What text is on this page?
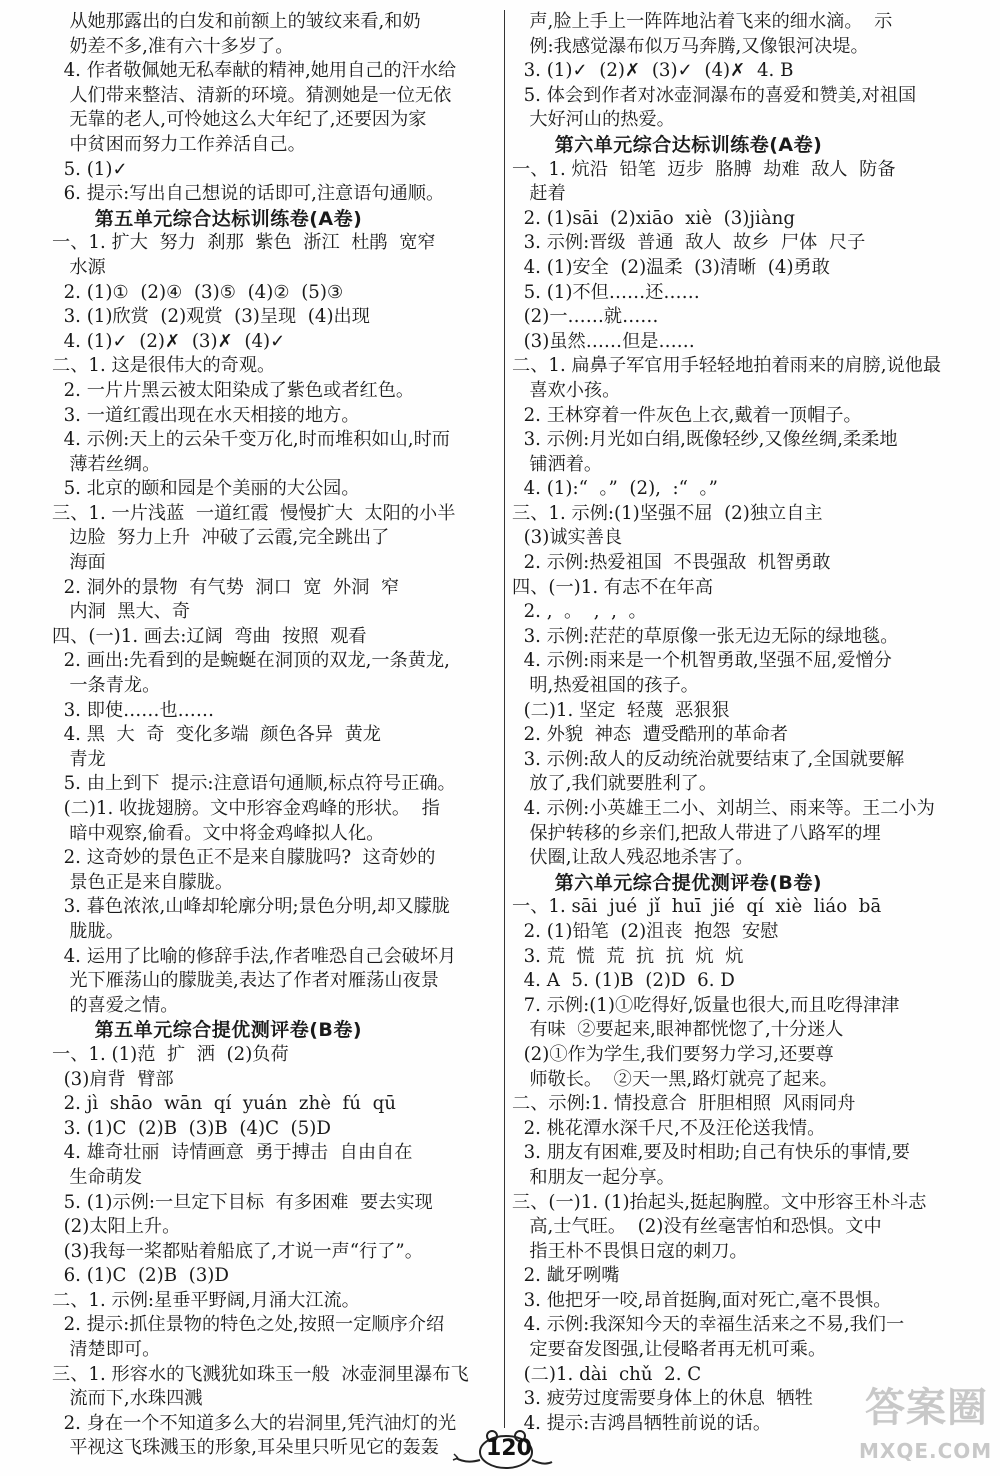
从她那露出的白发和前额上的皱纹来看,和奶
奶差不多,准有六十多岁了。
4. 作者敬佩她无私奉献的精神,她用自己的汗水给
人们带来整洁、清新的环境。猜测她是一位无依
无靠的老人,可怜她这么大年纪了,还要因为家
中贫困而努力工作养活自己。
5. (1)✓
6. 提示:写出自己想说的话即可,注意语句通顺。
第五单元综合达标训练卷(A卷)
一、1. 扩大  努力  刹那  紫色  浙江  杜鹃  宽窄
水源
2. (1)①  (2)④  (3)⑤  (4)②  (5)③
3. (1)欣赏  (2)观赏  (3)呈现  (4)出现
4. (1)✓  (2)✗  (3)✗  (4)✓
二、1. 这是很伟大的奇观。
2. 一片片黑云被太阳染成了紫色或者红色。
3. 一道红霞出现在水天相接的地方。
4. 示例:天上的云朵千变万化,时而堆积如山,时而
薄若丝绸。
5. 北京的颐和园是个美丽的大公园。
三、1. 一片浅蓝  一道红霞  慢慢扩大  太阳的小半
边脸  努力上升  冲破了云霞,完全跳出了
海面
2. 洞外的景物  有气势  洞口  宽  外洞  窄
内洞  黑大、奇
四、(一)1. 画去:辽阔  弯曲  按照  观看
2. 画出:先看到的是蜿蜒在洞顶的双龙,一条黄龙,
一条青龙。
3. 即使……也……
4. 黑  大  奇  变化多端  颜色各异  黄龙
青龙
5. 由上到下  提示:注意语句通顺,标点符号正确。
(二)1. 收拢翅膀。文中形容金鸡峰的形状。  指
暗中观察,偷看。文中将金鸡峰拟人化。
2. 这奇妙的景色正不是来自朦胧吗?  这奇妙的
景色正是来自朦胧。
3. 暮色浓浓,山峰却轮廓分明;景色分明,却又朦胧
胧胧。
4. 运用了比喻的修辞手法,作者唯恐自己会破坏月
光下雁荡山的朦胧美,表达了作者对雁荡山夜景
的喜爱之情。
第五单元综合提优测评卷(B卷)
一、1. (1)范  扩  洒  (2)负荷
(3)肩背  臂部
2. jì  shāo  wān  qí  yuán  zhè  fú  qū
3. (1)C  (2)B  (3)B  (4)C  (5)D
4. 雄奇壮丽  诗情画意  勇于搏击  自由自在
生命萌发
5. (1)示例:一旦定下目标  有多困难  要去实现
(2)太阳上升。
(3)我每一桨都贴着船底了,才说一声“行了”。
6. (1)C  (2)B  (3)D
二、1. 示例:星垂平野阔,月涌大江流。
2. 提示:抓住景物的特色之处,按照一定顺序介绍
清楚即可。
三、1. 形容水的飞溅犹如珠玉一般  冰壶洞里瀑布飞
流而下,水珠四溅
2. 身在一个不知道多么大的岩洞里,凭汽油灯的光
平视这飞珠溅玉的形象,耳朵里只听见它的轰轰
声,脸上手上一阵阵地沾着飞来的细水滴。  示
例:我感觉瀑布似万马奔腾,又像银河决堤。
3. (1)✓  (2)✗  (3)✓  (4)✗  4. B
5. 体会到作者对冰壶洞瀑布的喜爱和赞美,对祖国
大好河山的热爱。
第六单元综合达标训练卷(A卷)
一、1. 炕沿  铅笔  迈步  胳膊  劫难  敌人  防备
赶着
2. (1)sāi  (2)xiāo  xiè  (3)jiàng
3. 示例:晋级  普通  敌人  故乡  尸体  尺子
4. (1)安全  (2)温柔  (3)清晰  (4)勇敢
5. (1)不但……还……
(2)一……就……
(3)虽然……但是……
二、1. 扁鼻子军官用手轻轻地拍着雨来的肩膀,说他最
喜欢小孩。
2. 王林穿着一件灰色上衣,戴着一顶帽子。
3. 示例:月光如白绢,既像轻纱,又像丝绸,柔柔地
铺洒着。
4. (1):“  。”  (2),  :“  。”
三、1. 示例:(1)坚强不屈  (2)独立自主
(3)诚实善良
2. 示例:热爱祖国  不畏强敌  机智勇敢
四、(一)1. 有志不在年高
2. ,  。  ,  ,  。
3. 示例:茫茫的草原像一张无边无际的绿地毯。
4. 示例:雨来是一个机智勇敢,坚强不屈,爱憎分
明,热爱祖国的孩子。
(二)1. 坚定  轻蔑  恶狠狠
2. 外貌  神态  遭受酷刑的革命者
3. 示例:敌人的反动统治就要结束了,全国就要解
放了,我们就要胜利了。
4. 示例:小英雄王二小、刘胡兰、雨来等。王二小为
保护转移的乡亲们,把敌人带进了八路军的埋
伏圈,让敌人残忍地杀害了。
第六单元综合提优测评卷(B卷)
一、1. sāi  jué  jǐ  huī  jié  qí  xiè  liáo  bā
2. (1)铅笔  (2)沮丧  抱怨  安慰
3. 荒  慌  荒  抗  抗  炕  炕
4. A  5. (1)B  (2)D  6. D
7. 示例:(1)①吃得好,饭量也很大,而且吃得津津
有味  ②要起来,眼神都恍惚了,十分迷人
(2)①作为学生,我们要努力学习,还要尊
师敬长。  ②天一黑,路灯就亮了起来。
二、示例:1. 情投意合  肝胆相照  风雨同舟
2. 桃花潭水深千尺,不及汪伦送我情。
3. 朋友有困难,要及时相助;自己有快乐的事情,要
和朋友一起分享。
三、(一)1. (1)抬起头,挺起胸膛。文中形容王朴斗志
高,士气旺。  (2)没有丝毫害怕和恐惧。文中
指王朴不畏惧日寇的刺刀。
2. 龇牙咧嘴
3. 他把牙一咬,昂首挺胸,面对死亡,毫不畏惧。
4. 示例:我深知今天的幸福生活来之不易,我们一
定要奋发图强,让侵略者再无机可乘。
(二)1. dài  chǔ  2. C
3. 疲劳过度需要身体上的休息  牺牲
4. 提示:吉鸿昌牺牲前说的话。
120
答案圈
MXQE.COM
